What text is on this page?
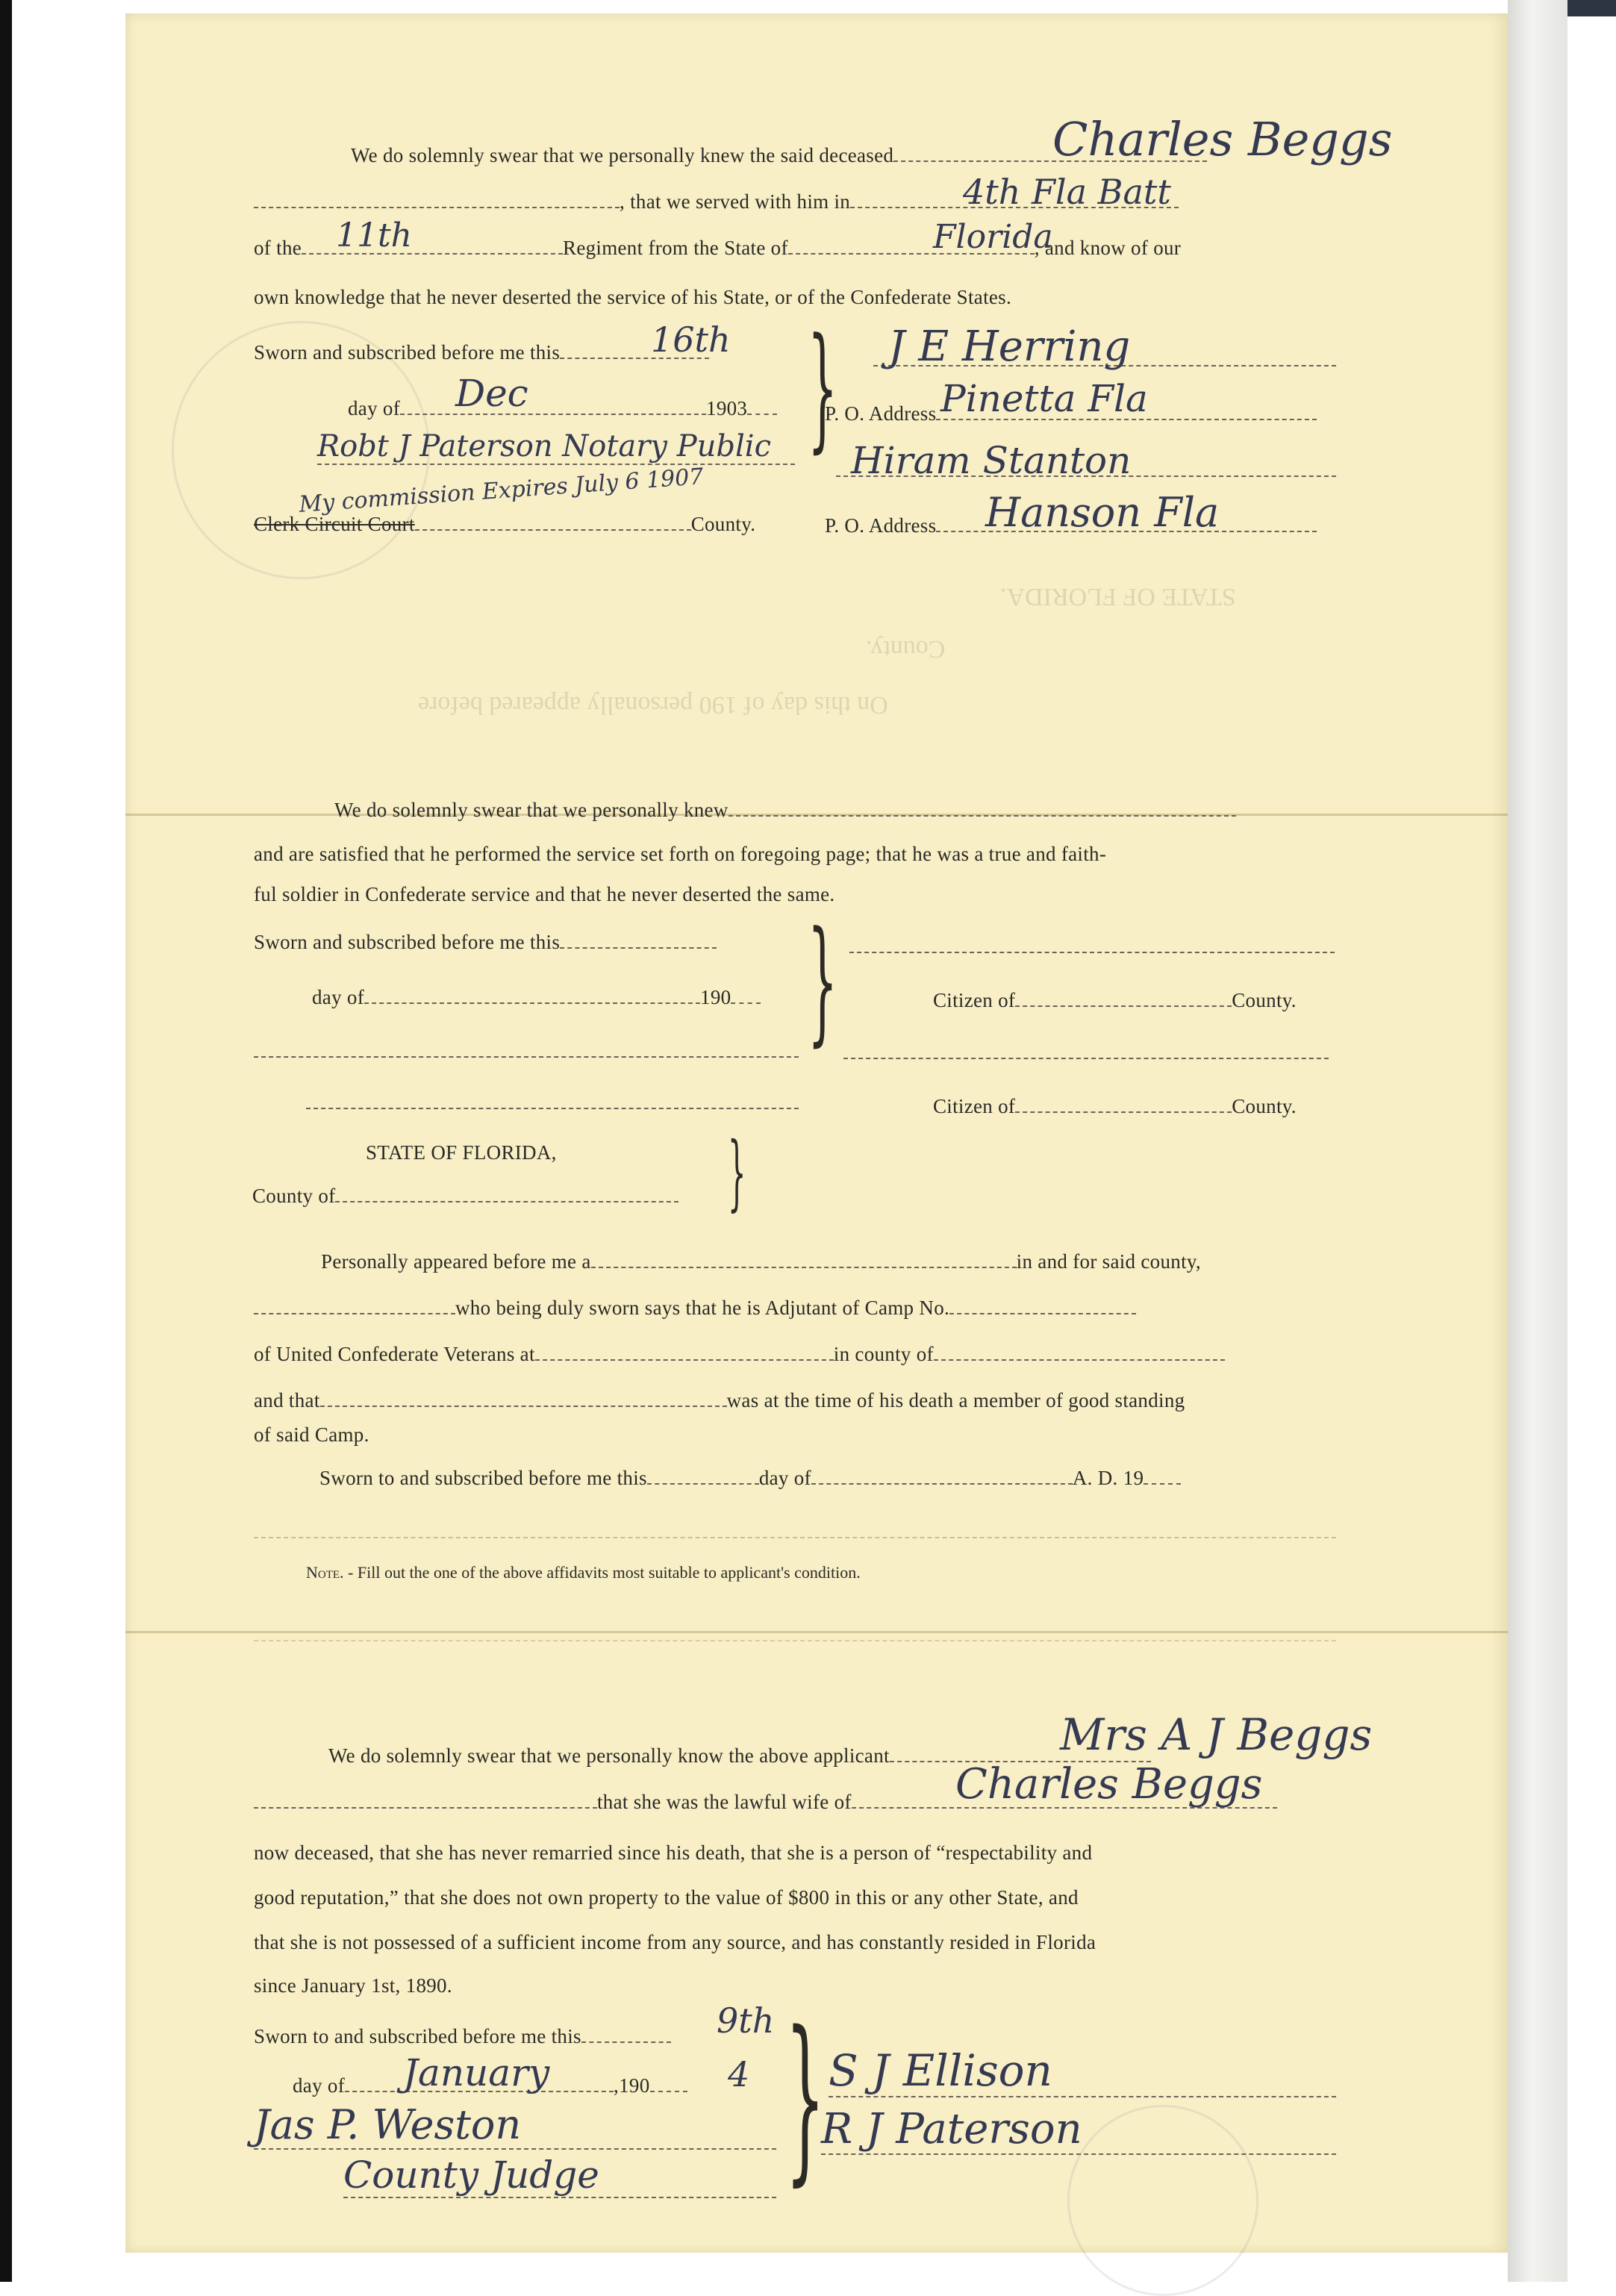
STATE OF FLORIDA.
County.
On this day of 190 personally appeared before
We do solemnly swear that we personally knew the said deceased	Charles Beggs
, that we served with him in	4th Fla Batt
of the	Regiment from the State of	, and know of our
11th	Florida
own knowledge that he never deserted the service of his State, or of the Confederate States.
Sworn and subscribed before me this	16th
day of	1903
Dec
Robt J Paterson Notary Public
My commission Expires July 6 1907
Clerk Circuit Court	County.
} J E Herring
P. O. Address Pinetta Fla
Hiram Stanton
P. O. Address	Hanson Fla
We do solemnly swear that we personally knew
and are satisfied that he performed the service set forth on foregoing page; that he was a true and faith-
ful soldier in Confederate service and that he never deserted the same.
Sworn and subscribed before me this
day of	190 }	Citizen of	County.
Citizen of	County.
STATE OF FLORIDA,
County of	}
Personally appeared before me a	in and for said county,
who being duly sworn says that he is Adjutant of Camp No.
of United Confederate Veterans at	in county of
and that	was at the time of his death a member of good standing
of said Camp.
Sworn to and subscribed before me this	day of	A. D. 19
Note. - Fill out the one of the above affidavits most suitable to applicant's condition.
We do solemnly swear that we personally know the above applicant	Mrs A J Beggs
that she was the lawful wife of	Charles Beggs
now deceased, that she has never remarried since his death, that she is a person of “respectability and
good reputation,” that she does not own property to the value of $800 in this or any other State, and
that she is not possessed of a sufficient income from any source, and has constantly resided in Florida
since January 1st, 1890.
Sworn to and subscribed before me this	9th
day of	,190
January	4
Jas P. Weston
County Judge	} S J Ellison
R J Paterson
